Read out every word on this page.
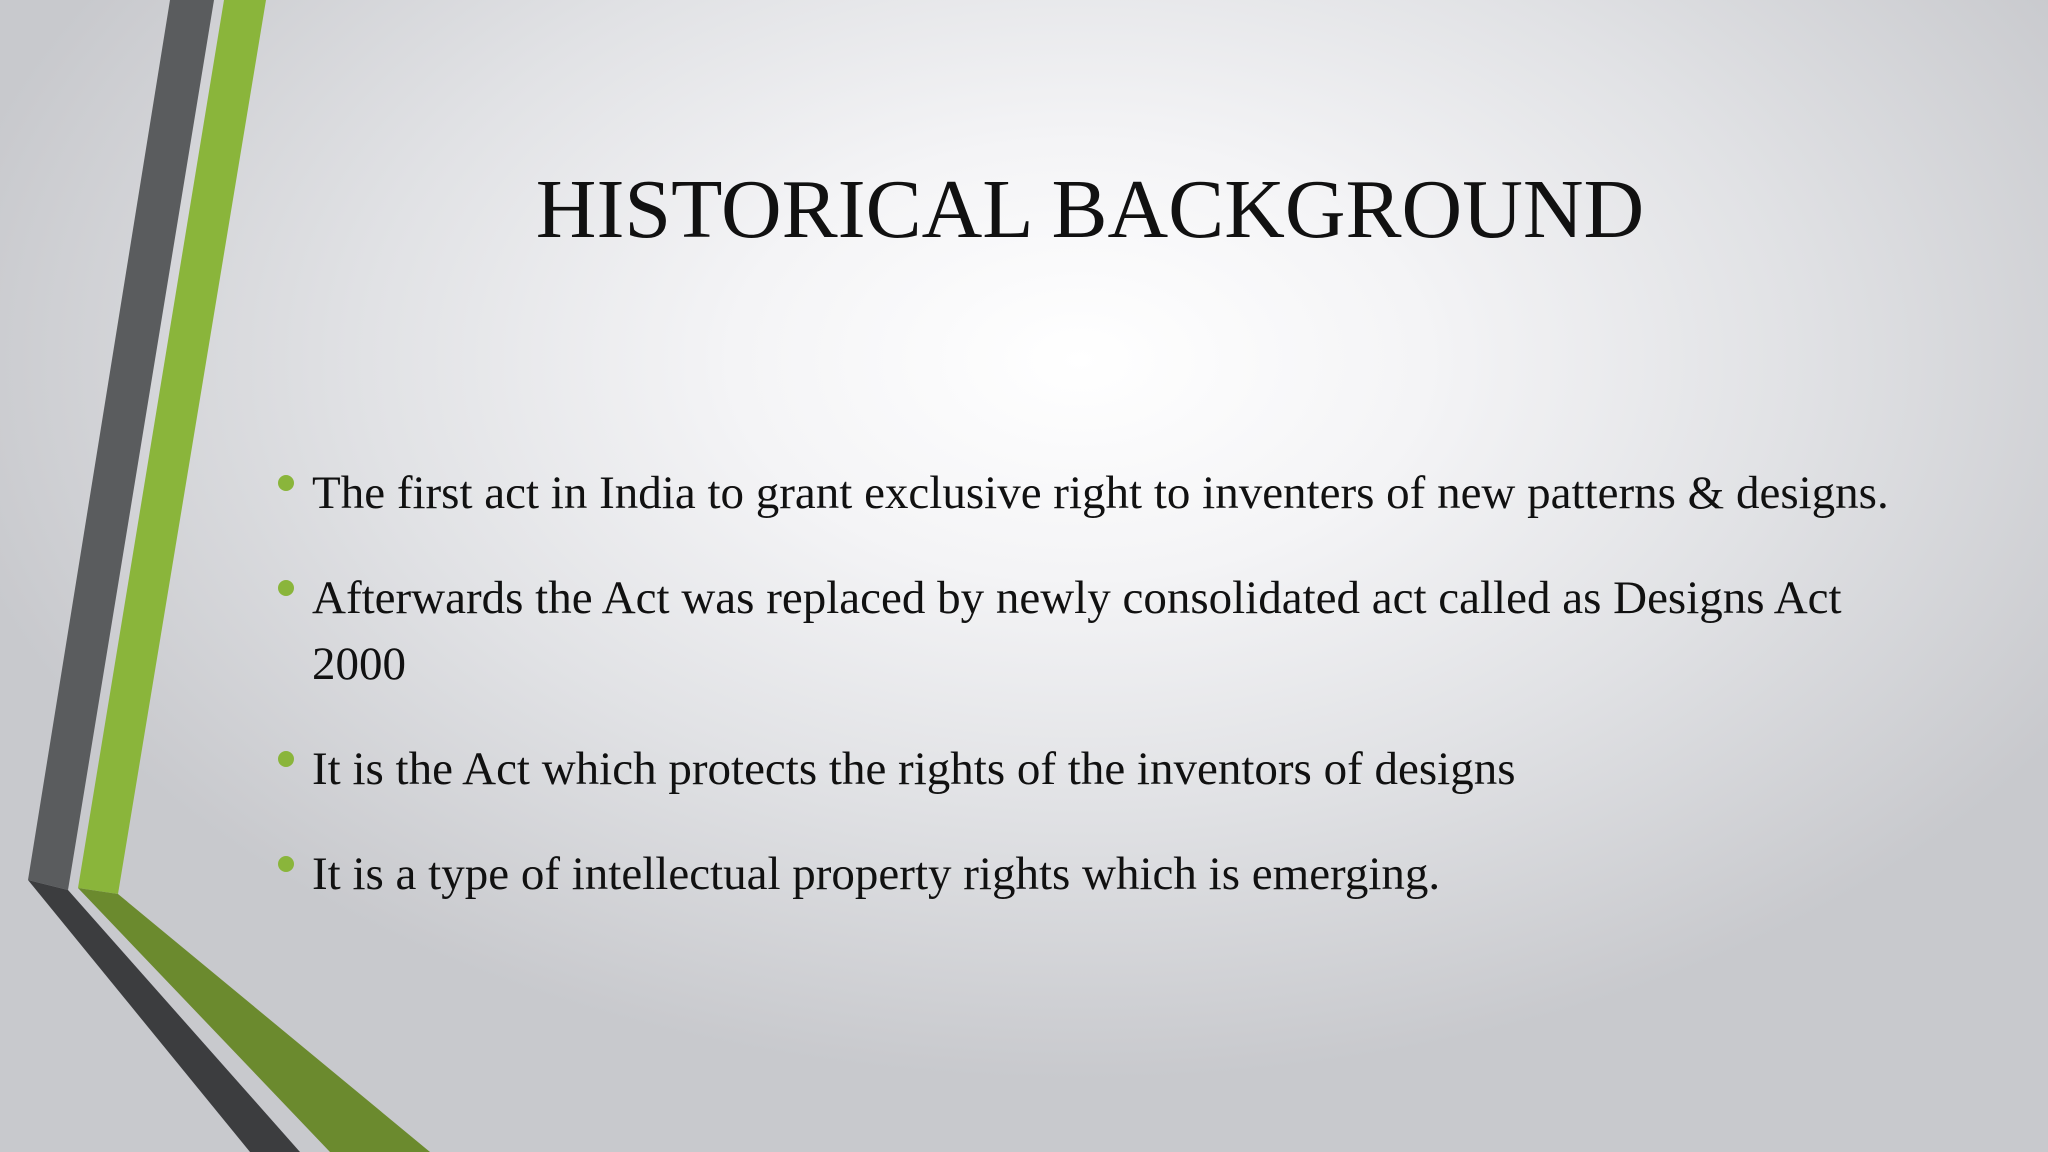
HISTORICAL BACKGROUND
The first act in India to grant exclusive right to inventers of new patterns & designs.
Afterwards the Act was replaced by newly consolidated act called as Designs Act 2000
It is the Act which protects the rights of the inventors of designs
It is a type of intellectual property rights which is emerging.
